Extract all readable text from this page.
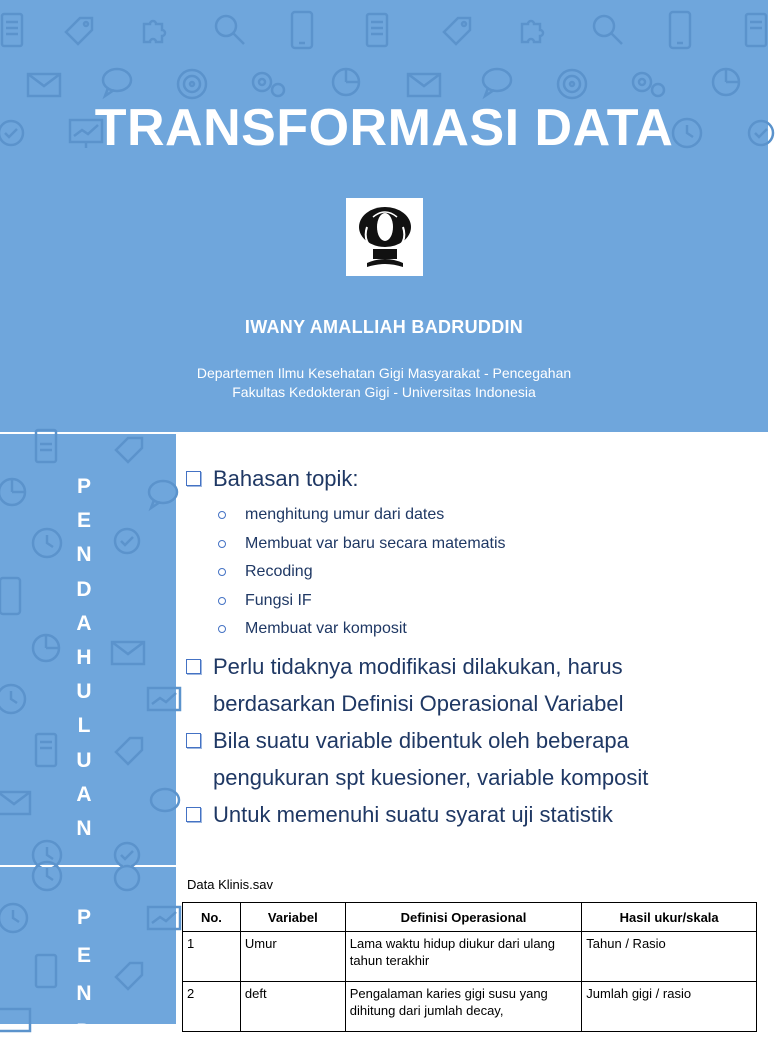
TRANSFORMASI DATA
IWANY AMALLIAH BADRUDDIN
Departemen Ilmu Kesehatan Gigi Masyarakat - Pencegahan
Fakultas Kedokteran Gigi - Universitas Indonesia
P
E
N
D
A
H
U
L
U
A
N
Bahasan topik:
menghitung umur dari dates
Membuat var baru secara matematis
Recoding
Fungsi IF
Membuat var komposit
Perlu tidaknya modifikasi dilakukan, harus
berdasarkan Definisi Operasional Variabel
Bila suatu variable dibentuk oleh beberapa
pengukuran spt kuesioner, variable komposit
Untuk memenuhi suatu syarat uji statistik
P
E
N
D
Data Klinis.sav
No.	Variabel	Definisi Operasional	Hasil ukur/skala
1	Umur	Lama waktu hidup diukur dari ulang tahun terakhir	Tahun / Rasio
2	deft	Pengalaman karies gigi susu yang dihitung dari jumlah decay,	Jumlah gigi / rasio
